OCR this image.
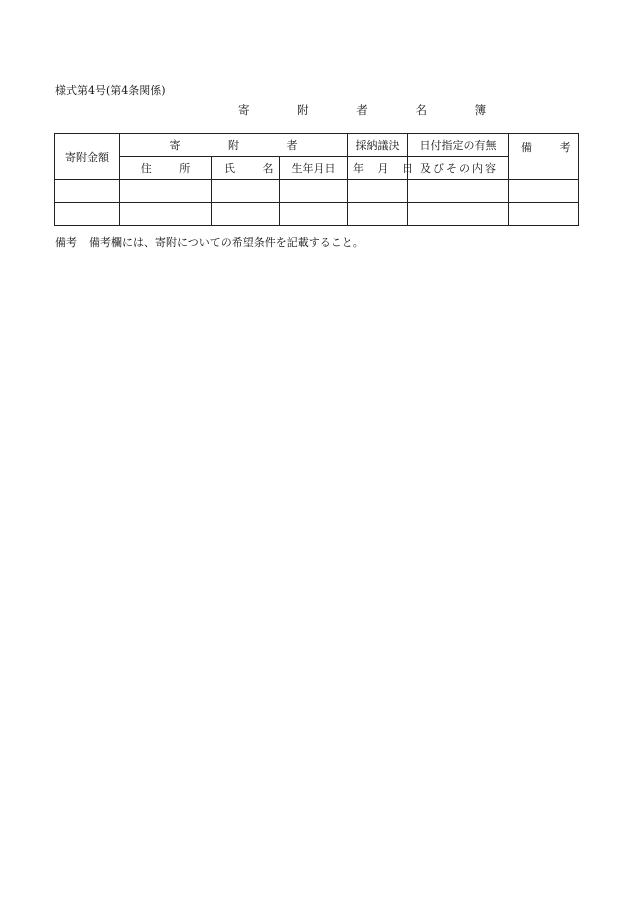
様式第4号(第4条関係)
寄 附 者 名 簿
寄附金額	寄 附 者			採納議決	日付指定の有無	備 考
	住 所	氏 名	生年月日	年 月 日	及びその内容	

備考 備考欄には、寄附についての希望条件を記載すること。
